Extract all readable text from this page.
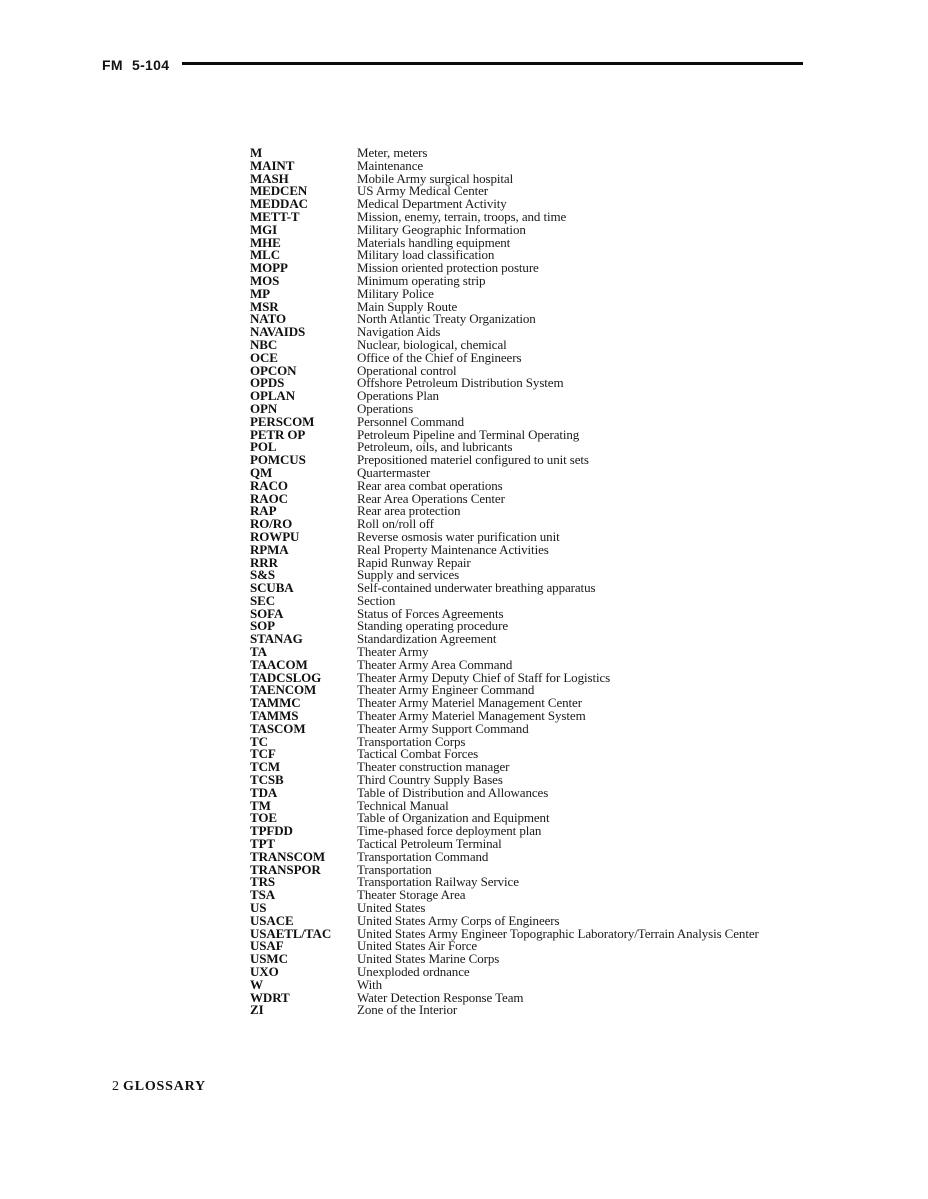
FM 5-104
M	Meter, meters
MAINT	Maintenance
MASH	Mobile Army surgical hospital
MEDCEN	US Army Medical Center
MEDDAC	Medical Department Activity
METT-T	Mission, enemy, terrain, troops, and time
MGI	Military Geographic Information
MHE	Materials handling equipment
MLC	Military load classification
MOPP	Mission oriented protection posture
MOS	Minimum operating strip
MP	Military Police
MSR	Main Supply Route
NATO	North Atlantic Treaty Organization
NAVAIDS	Navigation Aids
NBC	Nuclear, biological, chemical
OCE	Office of the Chief of Engineers
OPCON	Operational control
OPDS	Offshore Petroleum Distribution System
OPLAN	Operations Plan
OPN	Operations
PERSCOM	Personnel Command
PETR OP	Petroleum Pipeline and Terminal Operating
POL	Petroleum, oils, and lubricants
POMCUS	Prepositioned materiel configured to unit sets
QM	Quartermaster
RACO	Rear area combat operations
RAOC	Rear Area Operations Center
RAP	Rear area protection
RO/RO	Roll on/roll off
ROWPU	Reverse osmosis water purification unit
RPMA	Real Property Maintenance Activities
RRR	Rapid Runway Repair
S&S	Supply and services
SCUBA	Self-contained underwater breathing apparatus
SEC	Section
SOFA	Status of Forces Agreements
SOP	Standing operating procedure
STANAG	Standardization Agreement
TA	Theater Army
TAACOM	Theater Army Area Command
TADCSLOG	Theater Army Deputy Chief of Staff for Logistics
TAENCOM	Theater Army Engineer Command
TAMMC	Theater Army Materiel Management Center
TAMMS	Theater Army Materiel Management System
TASCOM	Theater Army Support Command
TC	Transportation Corps
TCF	Tactical Combat Forces
TCM	Theater construction manager
TCSB	Third Country Supply Bases
TDA	Table of Distribution and Allowances
TM	Technical Manual
TOE	Table of Organization and Equipment
TPFDD	Time-phased force deployment plan
TPT	Tactical Petroleum Terminal
TRANSCOM	Transportation Command
TRANSPOR	Transportation
TRS	Transportation Railway Service
TSA	Theater Storage Area
US	United States
USACE	United States Army Corps of Engineers
USAETL/TAC	United States Army Engineer Topographic Laboratory/Terrain Analysis Center
USAF	United States Air Force
USMC	United States Marine Corps
UXO	Unexploded ordnance
W	With
WDRT	Water Detection Response Team
ZI	Zone of the Interior
2 GLOSSARY
